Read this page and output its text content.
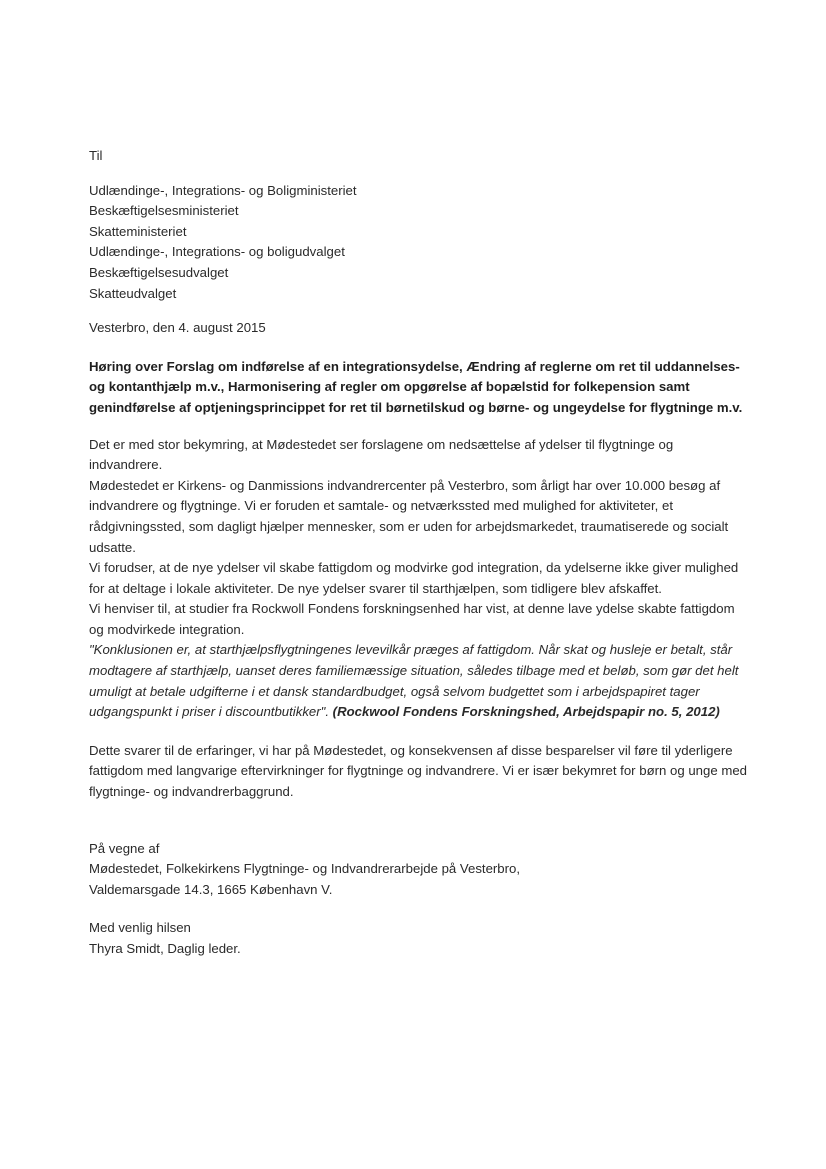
Til

Udlændinge-, Integrations- og Boligministeriet

Beskæftigelsesministeriet

Skatteministeriet

Udlændinge-, Integrations- og boligudvalget

Beskæftigelsesudvalget

Skatteudvalget

Vesterbro, den 4. august 2015

Høring over Forslag om indførelse af en integrationsydelse, Ændring af reglerne om ret til uddannelses- og kontanthjælp m.v., Harmonisering af regler om opgørelse af bopælstid for folkepension samt genindførelse af optjeningsprincippet for ret til børnetilskud og børne- og ungeydelse for flygtninge m.v.

Det er med stor bekymring, at Mødestedet ser forslagene om nedsættelse af ydelser til flygtninge og indvandrere.

Mødestedet er Kirkens- og Danmissions indvandrercenter på Vesterbro, som årligt har over 10.000 besøg af indvandrere og flygtninge. Vi er foruden et samtale- og netværkssted med mulighed for aktiviteter, et rådgivningssted, som dagligt hjælper mennesker, som er uden for arbejdsmarkedet, traumatiserede og socialt udsatte.

Vi forudser, at de nye ydelser vil skabe fattigdom og modvirke god integration, da ydelserne ikke giver mulighed for at deltage i lokale aktiviteter. De nye ydelser svarer til starthjælpen, som tidligere blev afskaffet.

Vi henviser til, at studier fra Rockwoll Fondens forskningsenhed har vist, at denne lave ydelse skabte fattigdom og modvirkede integration.

"Konklusionen er, at starthjælpsflygtningenes levevilkår præges af fattigdom. Når skat og husleje er betalt, står modtagere af starthjælp, uanset deres familiemæssige situation, således tilbage med et beløb, som gør det helt umuligt at betale udgifterne i et dansk standardbudget, også selvom budgettet som i arbejdspapiret tager udgangspunkt i priser i discountbutikker". (Rockwool Fondens Forskningshed, Arbejdspapir no. 5, 2012)

Dette svarer til de erfaringer, vi har på Mødestedet, og konsekvensen af disse besparelser vil føre til yderligere fattigdom med langvarige eftervirkninger for flygtninge og indvandrere. Vi er især bekymret for børn og unge med flygtninge- og indvandrerbaggrund.

På vegne af

Mødestedet, Folkekirkens Flygtninge- og Indvandrerarbejde på Vesterbro,

Valdemarsgade 14.3, 1665 København V.

Med venlig hilsen

Thyra Smidt, Daglig leder.
